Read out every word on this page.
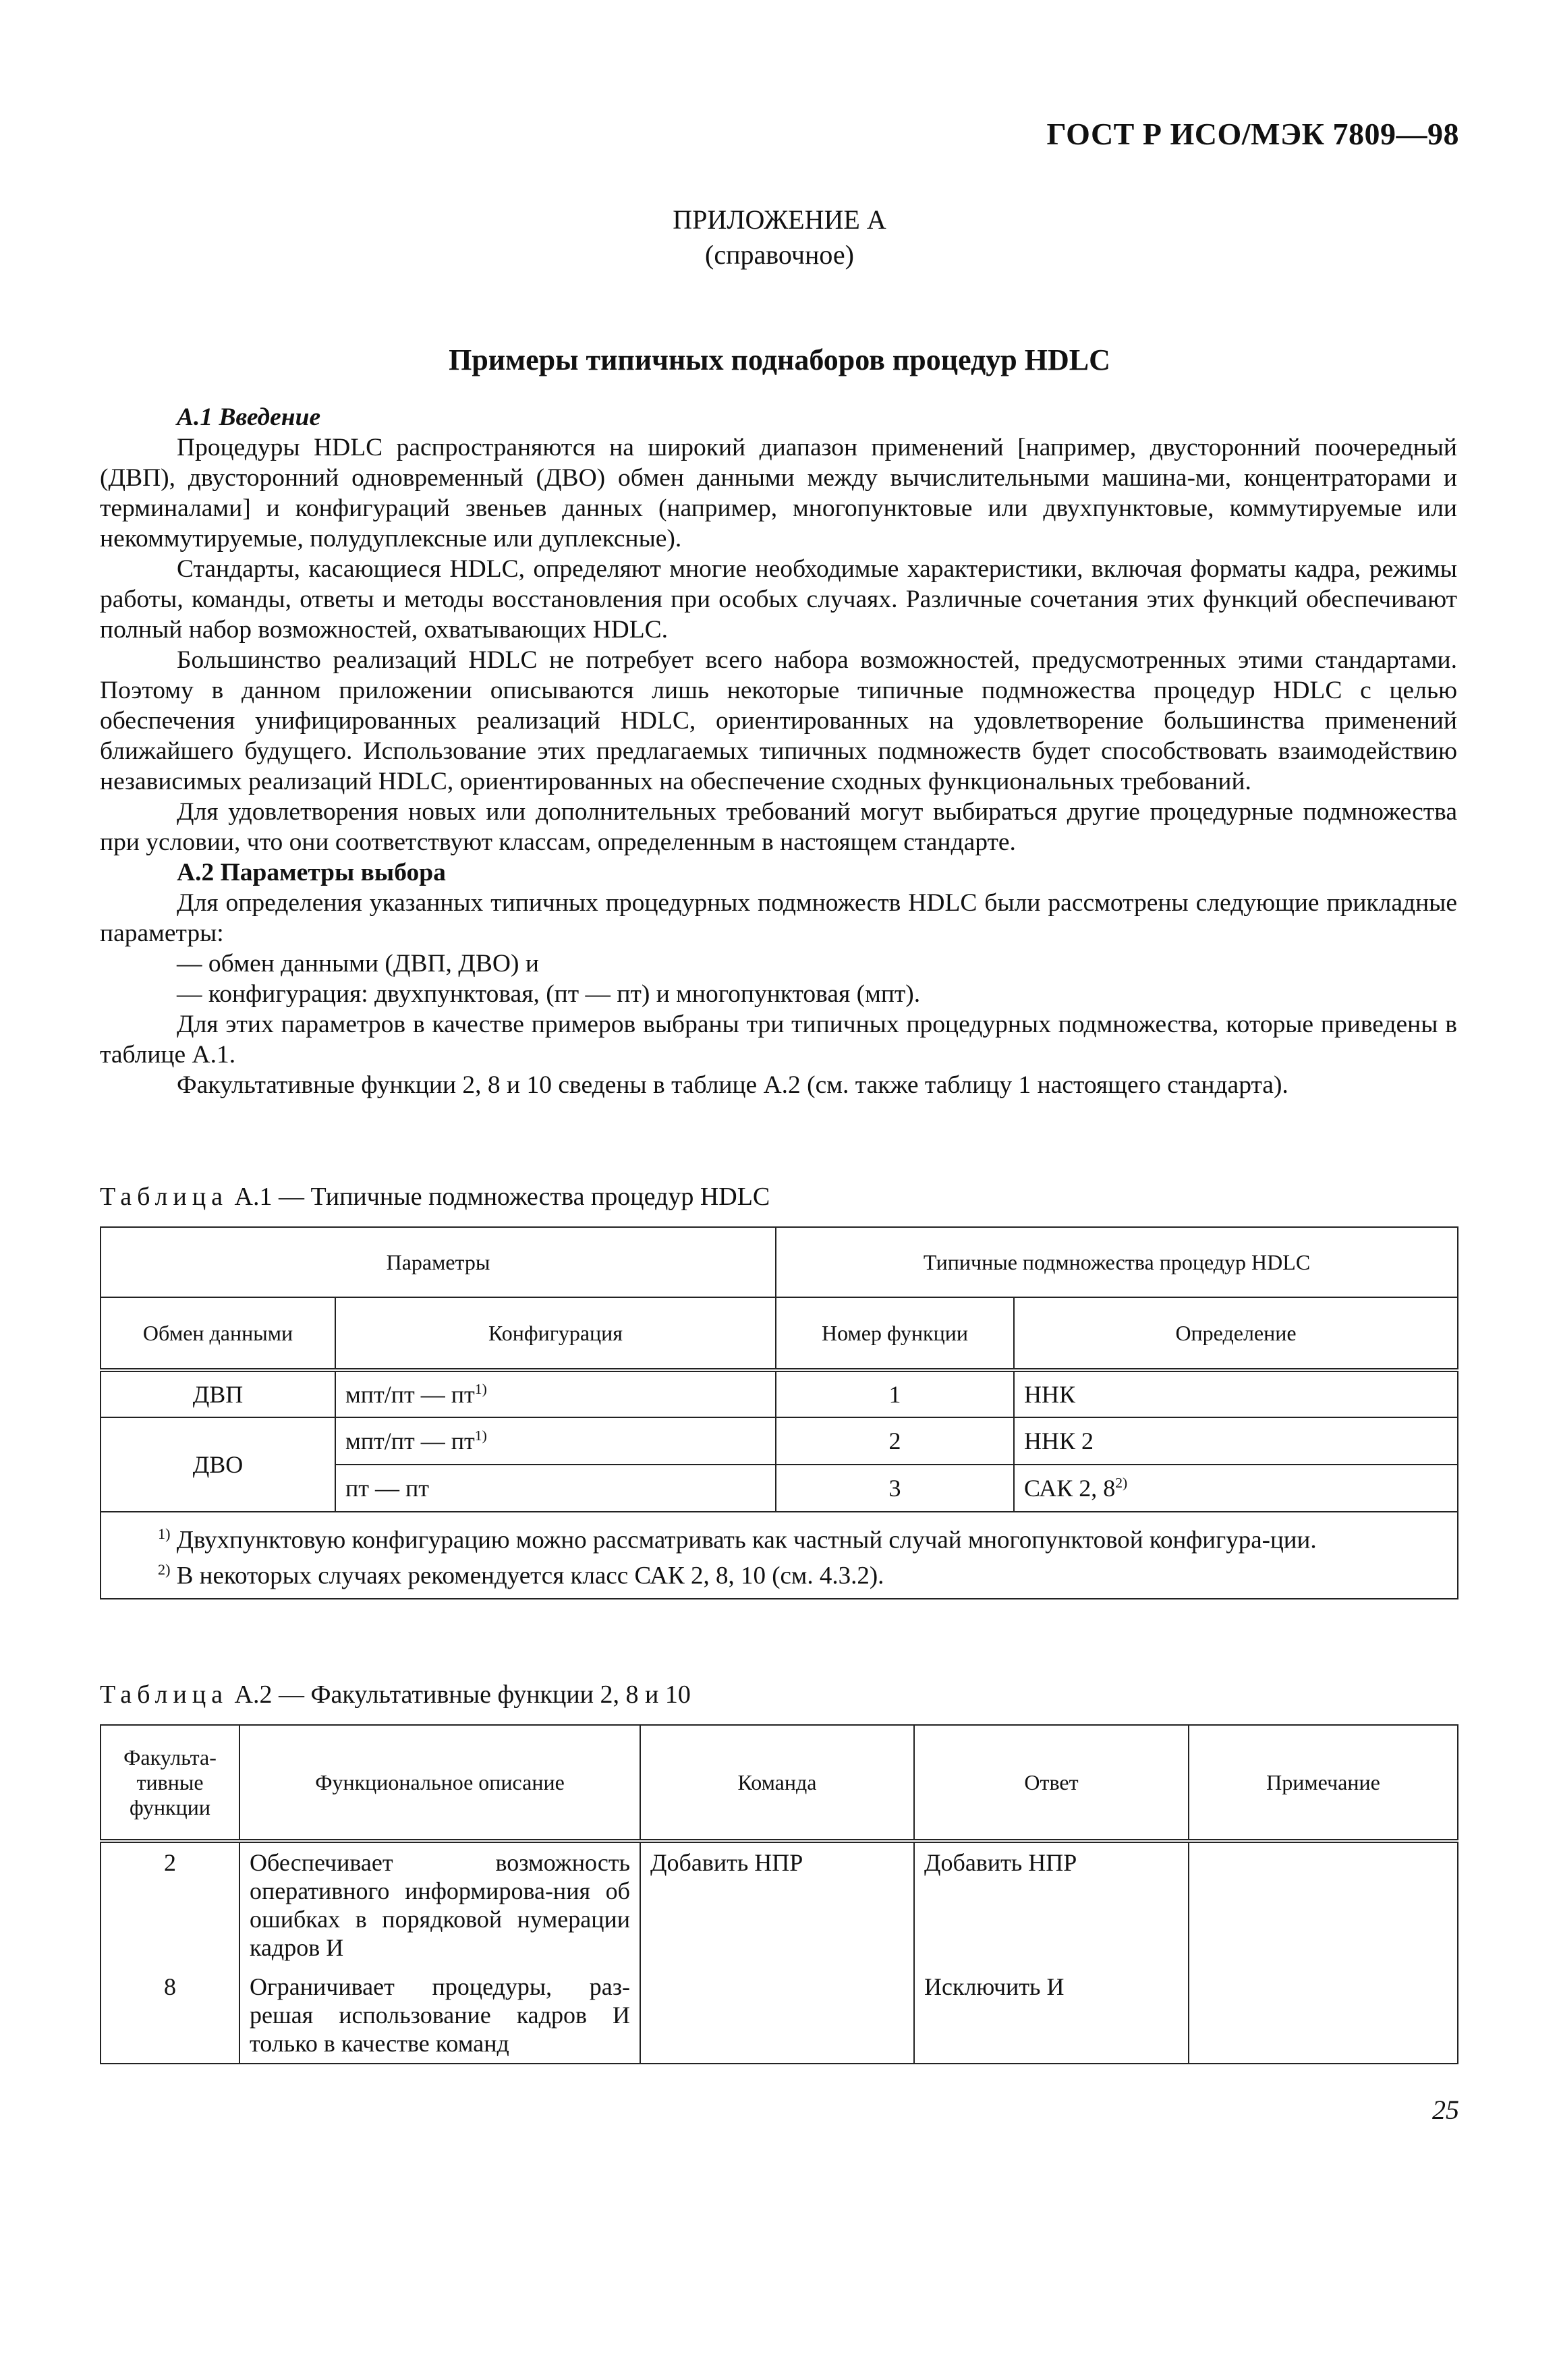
ГОСТ Р ИСО/МЭК 7809—98
ПРИЛОЖЕНИЕ А
(справочное)
Примеры типичных поднаборов процедур HDLC
А.1 Введение

Процедуры HDLC распространяются на широкий диапазон применений [например, двусторонний поочередный (ДВП), двусторонний одновременный (ДВО) обмен данными между вычислительными машина-ми, концентраторами и терминалами] и конфигураций звеньев данных (например, многопунктовые или двухпунктовые, коммутируемые или некоммутируемые, полудуплексные или дуплексные).

Стандарты, касающиеся HDLC, определяют многие необходимые характеристики, включая форматы кадра, режимы работы, команды, ответы и методы восстановления при особых случаях. Различные сочетания этих функций обеспечивают полный набор возможностей, охватывающих HDLC.

Большинство реализаций HDLC не потребует всего набора возможностей, предусмотренных этими стандартами. Поэтому в данном приложении описываются лишь некоторые типичные подмножества процедур HDLC с целью обеспечения унифицированных реализаций HDLC, ориентированных на удовлетворение большинства применений ближайшего будущего. Использование этих предлагаемых типичных подмножеств будет способствовать взаимодействию независимых реализаций HDLC, ориентированных на обеспечение сходных функциональных требований.

Для удовлетворения новых или дополнительных требований могут выбираться другие процедурные подмножества при условии, что они соответствуют классам, определенным в настоящем стандарте.

А.2 Параметры выбора

Для определения указанных типичных процедурных подмножеств HDLC были рассмотрены следующие прикладные параметры:

— обмен данными (ДВП, ДВО) и

— конфигурация: двухпунктовая, (пт — пт) и многопунктовая (мпт).

Для этих параметров в качестве примеров выбраны три типичных процедурных подмножества, которые приведены в таблице А.1.

Факультативные функции 2, 8 и 10 сведены в таблице А.2 (см. также таблицу 1 настоящего стандарта).

Таблица А.1 — Типичные подмножества процедур HDLC
Параметры		Типичные подмножества процедур HDLC	
Обмен данными	Конфигурация	Номер функции	Определение
ДВП	мпт/пт — $пт^{1)}$	1	ННК
ДВО	мпт/пт — $пт^{1)}$	2	ННК 2
	пт — пт	3	САК 2, 8$^{2)}$

$^{1)}$ Двухпунктовую конфигурацию можно рассматривать как частный случай многопунктовой конфигура-ции.

$^{2)}$ В некоторых случаях рекомендуется класс САК 2, 8, 10 (см. 4.3.2).			

Таблица А.2 — Факультативные функции 2, 8 и 10
Факульта-тивные функции	Функциональное описание	Команда	Ответ	Примечание
2	Обеспечивает возможность оперативного информирова-ния об ошибках в порядковой нумерации кадров И	Добавить НПР	Добавить НПР	
8	Ограничивает процедуры, раз-решая использование кадров И только в качестве команд		Исключить И	
25
